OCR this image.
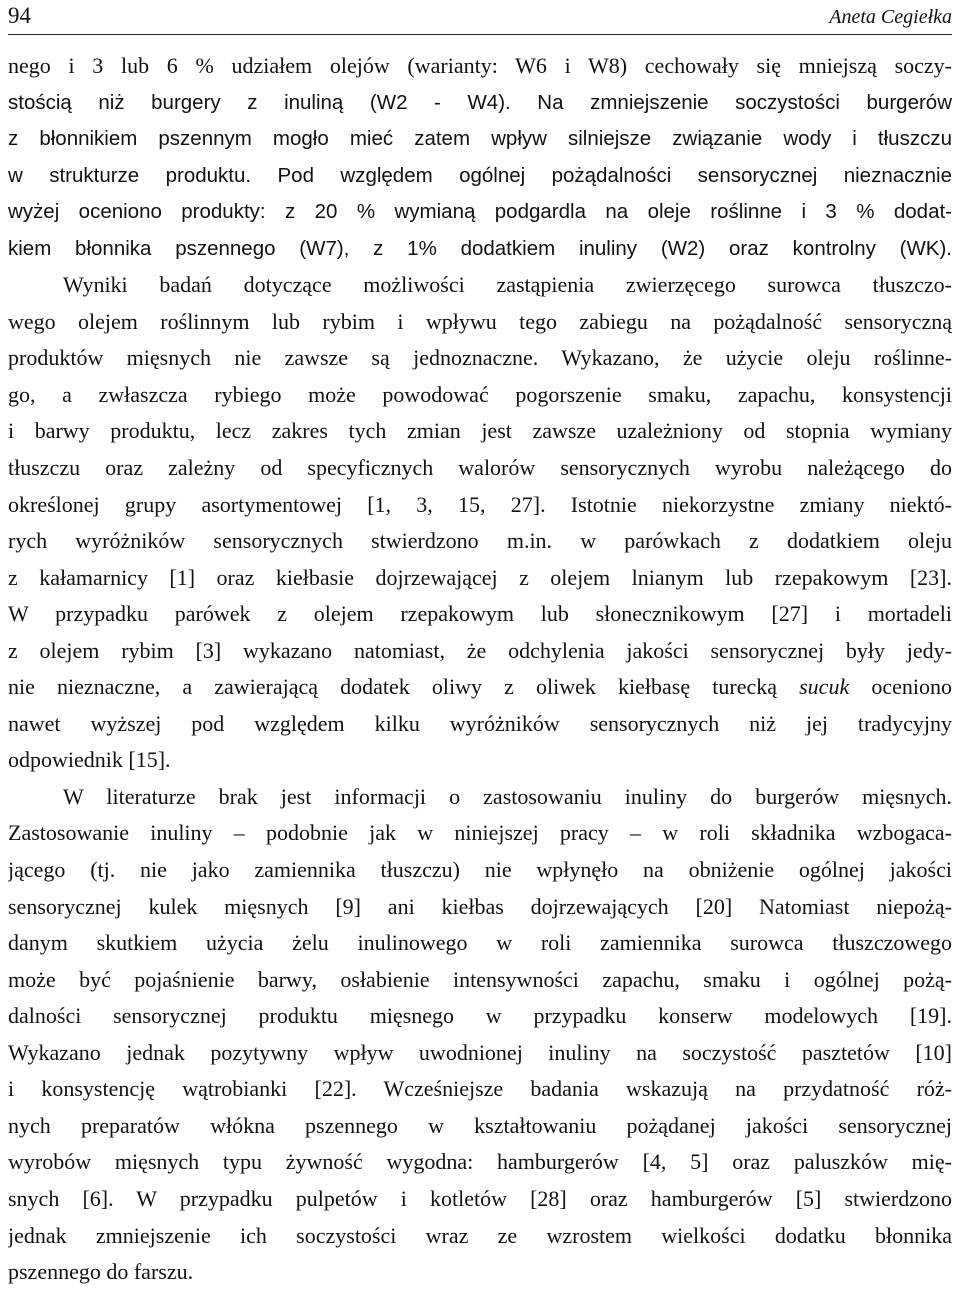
94	Aneta Cegiełka
nego i 3 lub 6 % udziałem olejów (warianty: W6 i W8) cechowały się mniejszą soczy-
stością niż burgery z inuliną (W2 - W4). Na zmniejszenie soczystości burgerów
z błonnikiem pszennym mogło mieć zatem wpływ silniejsze związanie wody i tłuszczu
w strukturze produktu. Pod względem ogólnej pożądalności sensorycznej nieznacznie
wyżej oceniono produkty: z 20 % wymianą podgardla na oleje roślinne i 3 % dodat-
kiem błonnika pszennego (W7), z 1% dodatkiem inuliny (W2) oraz kontrolny (WK).
Wyniki badań dotyczące możliwości zastąpienia zwierzęcego surowca tłuszczo-
wego olejem roślinnym lub rybim i wpływu tego zabiegu na pożądalność sensoryczną
produktów mięsnych nie zawsze są jednoznaczne. Wykazano, że użycie oleju roślinne-
go, a zwłaszcza rybiego może powodować pogorszenie smaku, zapachu, konsystencji
i barwy produktu, lecz zakres tych zmian jest zawsze uzależniony od stopnia wymiany
tłuszczu oraz zależny od specyficznych walorów sensorycznych wyrobu należącego do
określonej grupy asortymentowej [1, 3, 15, 27]. Istotnie niekorzystne zmiany niektó-
rych wyróżników sensorycznych stwierdzono m.in. w parówkach z dodatkiem oleju
z kałamarnicy [1] oraz kiełbasie dojrzewającej z olejem lnianym lub rzepakowym [23].
W przypadku parówek z olejem rzepakowym lub słonecznikowym [27] i mortadeli
z olejem rybim [3] wykazano natomiast, że odchylenia jakości sensorycznej były jedy-
nie nieznaczne, a zawierającą dodatek oliwy z oliwek kiełbasę turecką sucuk oceniono
nawet wyższej pod względem kilku wyróżników sensorycznych niż jej tradycyjny
odpowiednik [15].
W literaturze brak jest informacji o zastosowaniu inuliny do burgerów mięsnych.
Zastosowanie inuliny – podobnie jak w niniejszej pracy – w roli składnika wzbogaca-
jącego (tj. nie jako zamiennika tłuszczu) nie wpłynęło na obniżenie ogólnej jakości
sensorycznej kulek mięsnych [9] ani kiełbas dojrzewających [20] Natomiast niepożą-
danym skutkiem użycia żelu inulinowego w roli zamiennika surowca tłuszczowego
może być pojaśnienie barwy, osłabienie intensywności zapachu, smaku i ogólnej pożą-
dalności sensorycznej produktu mięsnego w przypadku konserw modelowych [19].
Wykazano jednak pozytywny wpływ uwodnionej inuliny na soczystość pasztetów [10]
i konsystencję wątrobianki [22]. Wcześniejsze badania wskazują na przydatność róż-
nych preparatów włókna pszennego w kształtowaniu pożądanej jakości sensorycznej
wyrobów mięsnych typu żywność wygodna: hamburgerów [4, 5] oraz paluszków mię-
snych [6]. W przypadku pulpetów i kotletów [28] oraz hamburgerów [5] stwierdzono
jednak zmniejszenie ich soczystości wraz ze wzrostem wielkości dodatku błonnika
pszennego do farszu.
